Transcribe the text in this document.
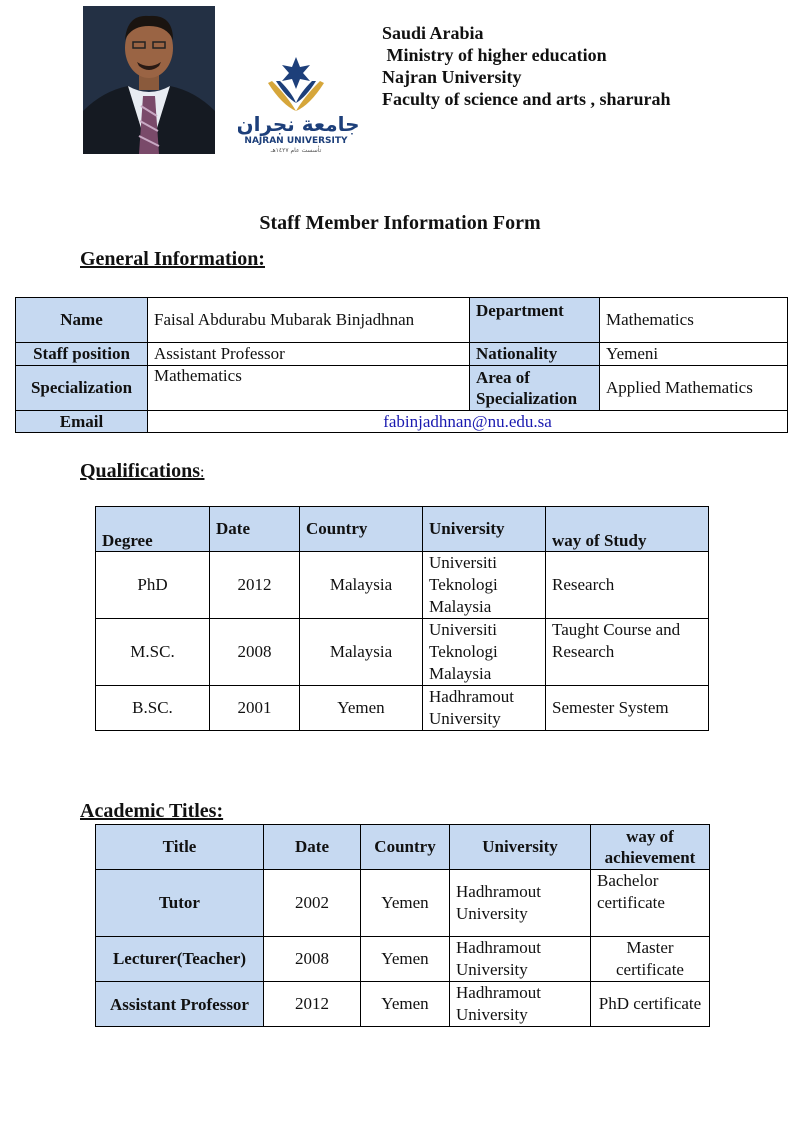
جامعة نجران
NAJRAN UNIVERSITY
تأسست عام ١٤٢٧هـ
Saudi Arabia
Ministry of higher education
Najran University
Faculty of science and arts , sharurah
Staff Member Information Form
General Information:
Name	Faisal Abdurabu Mubarak Binjadhnan	Department	Mathematics
Staff position	Assistant Professor	Nationality	Yemeni
Specialization	Mathematics	Area of Specialization	Applied Mathematics
Email	fabinjadhnan@nu.edu.sa		
Qualifications:
Degree	Date	Country	University	way of Study
PhD	2012	Malaysia	Universiti Teknologi Malaysia	Research
M.SC.	2008	Malaysia	Universiti Teknologi Malaysia	Taught Course and Research
B.SC.	2001	Yemen	Hadhramout University	Semester System
Academic Titles:
Title	Date	Country	University	way of achievement
Tutor	2002	Yemen	Hadhramout University	Bachelor certificate
Lecturer(Teacher)	2008	Yemen	Hadhramout University	Master certificate
Assistant Professor	2012	Yemen	Hadhramout University	PhD certificate
